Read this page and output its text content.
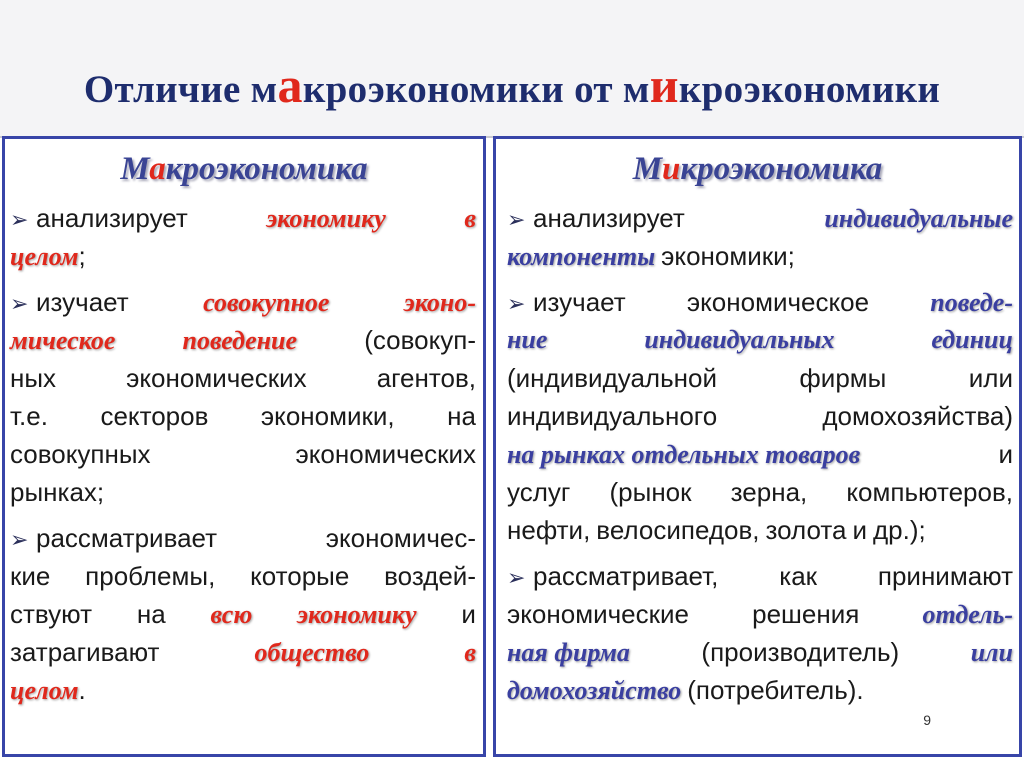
Отличие макроэкономики от микроэкономики
Макроэкономика
➢ анализирует	экономику	в
целом;
➢ изучает	совокупное	эконо-
мическое	поведение	(совокуп-
ных	экономических	агентов,
т.е. секторов экономики, на
совокупных	экономических
рынках;
➢ рассматривает	экономичес-
кие проблемы, которые воздей-
ствуют на всю экономику и
затрагивают	общество	в
целом.
Микроэкономика
➢ анализирует	индивидуальные
компоненты экономики;
➢ изучает экономическое поведе-
ние	индивидуальных	единиц
(индивидуальной	фирмы	или
индивидуального	домохозяйства)
на рынках отдельных товаров	и
услуг (рынок зерна, компьютеров,
нефти, велосипедов, золота и др.);
➢ рассматривает, как принимают
экономические решения отдель-
ная фирма	(производитель)	или
домохозяйство (потребитель ).
9
